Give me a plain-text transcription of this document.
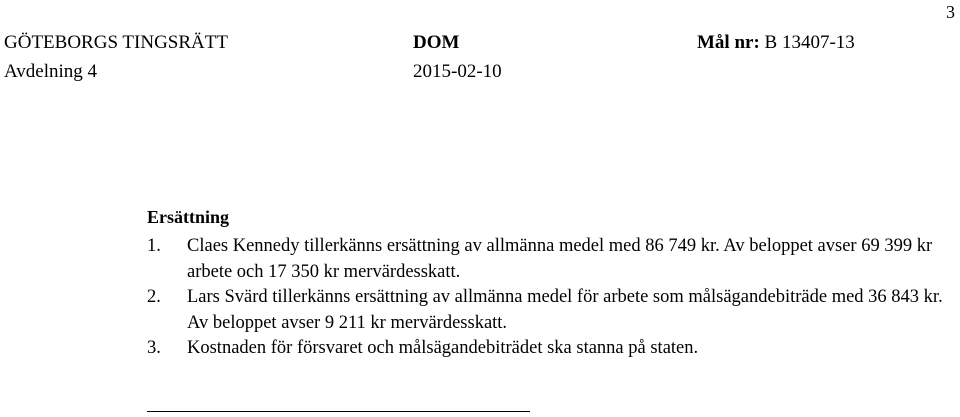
3
GÖTEBORGS TINGSRÄTT	DOM	Mål nr: B 13407-13
Avdelning 4	2015-02-10
Ersättning
1. Claes Kennedy tillerkänns ersättning av allmänna medel med 86 749 kr. Av beloppet avser 69 399 kr arbete och 17 350 kr mervärdesskatt.
2. Lars Svärd tillerkänns ersättning av allmänna medel för arbete som målsägandebiträde med 36 843 kr. Av beloppet avser 9 211 kr mervärdesskatt.
3. Kostnaden för försvaret och målsägandebiträdet ska stanna på staten.
